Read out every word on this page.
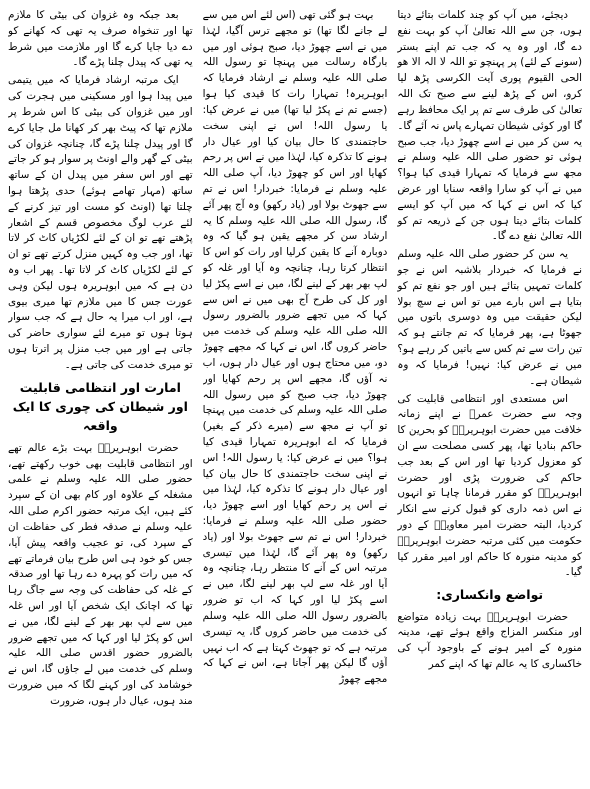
بعد جبکہ وہ غزوان کی بیٹی کا ملازم تھا اور تنخواہ صرف یہ تھی کہ کھانے کو دے دیا جایا کرے گا اور ملازمت میں شرط یہ تھی کہ پیدل چلنا پڑے گا۔

ایک مرتبہ ارشاد فرمایا کہ میں یتیمی میں پیدا ہوا اور مسکینی میں ہجرت کی اور میں غزوان کی بیٹی کا اس شرط پر ملازم تھا کہ پیٹ بھر کر کھانا مل جایا کرے گا اور پیدل چلنا پڑے گا، چنانچہ غزوان کی بیٹی کے گھر والے اونٹ پر سوار ہو کر جاتے تھے اور اس سفر میں پیدل ان کے ساتھ ساتھ (مہار تھامے ہوئے) حدی پڑھتا ہوا چلتا تھا (اونٹ کو مست اور تیز کرنے کے لئے عرب لوگ مخصوص قسم کے اشعار پڑھتے تھے تو ان کے لئے لکڑیاں کاٹ کر لاتا تھا، اور جب وہ کہیں منزل کرتے تھے تو ان کے لئے لکڑیاں کاٹ کر لاتا تھا۔ پھر اب وہ دن ہے کہ میں ابوہریرہ ہوں لیکن وہی عورت جس کا میں ملازم تھا میری بیوی ہے، اور اب میرا یہ حال ہے کہ جب سوار ہوتا ہوں تو میرے لئے سواری حاضر کی جاتی ہے اور میں جب منزل پر اترتا ہوں تو میری خدمت کی جاتی ہے۔

امارت اور انتظامی قابلیت اور شیطان کی چوری کا ایک واقعہ

حضرت ابوہریرہؓ بہت بڑے عالم تھے اور انتظامی قابلیت بھی خوب رکھتے تھے، حضور صلی اللہ علیہ وسلم نے علمی مشغلہ کے علاوہ اور کام بھی ان کے سپرد کئے ہیں، ایک مرتبہ حضور اکرم صلی اللہ علیہ وسلم نے صدقہ فطر کی حفاظت ان کے سپرد کی، تو عجیب واقعہ پیش آیا، جس کو خود ہی اس طرح بیان فرماتے تھے کہ میں رات کو پہرہ دے رہا تھا اور صدقہ کے غلہ کی حفاظت کی وجہ سے جاگ رہا تھا کہ اچانک ایک شخص آیا اور اس غلہ میں سے لپ بھر بھر کے لینے لگا، میں نے اس کو پکڑ لیا اور کہا کہ میں تجھے ضرور بالضرور حضور اقدس صلی اللہ علیہ وسلم کی خدمت میں لے جاؤں گا، اس نے خوشامد کی اور کہنے لگا کہ میں ضرورت مند ہوں، عیال دار ہوں، ضرورت

بہت ہو گئی تھی (اس لئے اس میں سے لے جانے لگا تھا) تو مجھے ترس آگیا، لہٰذا میں نے اسے چھوڑ دیا، صبح ہوئی اور میں بارگاہ رسالت میں پہنچا تو رسول اللہ صلی اللہ علیہ وسلم نے ارشاد فرمایا کہ ابوہریرہ! تمہارا رات کا قیدی کیا ہوا (جسے تم نے پکڑ لیا تھا) میں نے عرض کیا: یا رسول اللہ! اس نے اپنی سخت حاجتمندی کا حال بیان کیا اور عیال دار ہونے کا تذکرہ کیا، لہٰذا میں نے اس پر رحم کھایا اور اس کو چھوڑ دیا، آپ صلی اللہ علیہ وسلم نے فرمایا: خبردار! اس نے تم سے جھوٹ بولا اور (یاد رکھو) وہ آج پھر آئے گا، رسول اللہ صلی اللہ علیہ وسلم کا یہ ارشاد سن کر مجھے یقین ہو گیا کہ وہ دوبارہ آنے کا یقین کرلیا اور رات کو اس کا انتظار کرتا رہا، چنانچہ وہ آیا اور غلہ کو لپ بھر بھر کے لینے لگا، میں نے اسے پکڑ لیا اور کل کی طرح آج بھی میں نے اس سے کہا کہ میں تجھے ضرور بالضرور رسول اللہ صلی اللہ علیہ وسلم کی خدمت میں حاضر کروں گا، اس نے کہا کہ مجھے چھوڑ دو، میں محتاج ہوں اور عیال دار ہوں، اب نہ آؤں گا، مجھے اس پر رحم کھایا اور چھوڑ دیا، جب صبح کو میں رسول اللہ صلی اللہ علیہ وسلم کی خدمت میں پہنچا تو آپ نے مجھ سے (میرے ذکر کے بغیر) فرمایا کہ اے ابوہریرہ تمہارا قیدی کیا ہوا؟ میں نے عرض کیا: یا رسول اللہ! اس نے اپنی سخت حاجتمندی کا حال بیان کیا اور عیال دار ہونے کا تذکرہ کیا، لہٰذا میں نے اس پر رحم کھایا اور اسے چھوڑ دیا، حضور صلی اللہ علیہ وسلم نے فرمایا: خبردار! اس نے تم سے جھوٹ بولا اور (یاد رکھو) وہ پھر آئے گا، لہٰذا میں تیسری مرتبہ اس کے آنے کا منتظر رہا، چنانچہ وہ آیا اور غلہ سے لپ بھر لینے لگا، میں نے اسے پکڑ لیا اور کہا کہ اب تو ضرور بالضرور رسول اللہ صلی اللہ علیہ وسلم کی خدمت میں حاضر کروں گا، یہ تیسری مرتبہ ہے کہ تو جھوٹ کہتا ہے کہ اب نہیں آؤں گا لیکن پھر آجاتا ہے، اس نے کہا کہ مجھے چھوڑ

دیجئے، میں آپ کو چند کلمات بتائے دیتا ہوں، جن سے اللہ تعالیٰ آپ کو بہت نفع دے گا، اور وہ یہ کہ جب تم اپنے بستر (سونے کے لئے) پر پہنچو تو اللہ لا الہ الا ھو الحی القیوم پوری آیت الکرسی پڑھ لیا کرو، اس کے پڑھ لینے سے صبح تک اللہ تعالیٰ کی طرف سے تم پر ایک محافظ رہے گا اور کوئی شیطان تمہارے پاس نہ آئے گا۔ یہ سن کر میں نے اسے چھوڑ دیا، جب صبح ہوئی تو حضور صلی اللہ علیہ وسلم نے مجھ سے فرمایا کہ تمہارا قیدی کیا ہوا؟ میں نے آپ کو سارا واقعہ سنایا اور عرض کیا کہ اس نے کہا کہ میں آپ کو ایسے کلمات بتائے دیتا ہوں جن کے ذریعہ تم کو اللہ تعالیٰ نفع دے گا۔

یہ سن کر حضور صلی اللہ علیہ وسلم نے فرمایا کہ خبردار بلاشبہ اس نے جو کلمات تمہیں بتائے ہیں اور جو نفع تم کو بتایا ہے اس بارے میں تو اس نے سچ بولا لیکن حقیقت میں وہ دوسری باتوں میں جھوٹا ہے، پھر فرمایا کہ تم جانتے ہو کہ تین رات سے تم کس سے باتیں کر رہے ہو؟ میں نے عرض کیا: نہیں! فرمایا کہ وہ شیطان ہے۔

اس مستعدی اور انتظامی قابلیت کی وجہ سے حضرت عمرؓ نے اپنے زمانہ خلافت میں حضرت ابوہریرہؓ کو بحرین کا حاکم بنادیا تھا، پھر کسی مصلحت سے ان کو معزول کردیا تھا اور اس کے بعد جب حاکم کی ضرورت پڑی اور حضرت ابوہریرہؓ کو مقرر فرمانا چاہا تو انہوں نے اس ذمہ داری کو قبول کرنے سے انکار کردیا، البتہ حضرت امیر معاویہؓ کے دور حکومت میں کئی مرتبہ حضرت ابوہریرہؓ کو مدینہ منورہ کا حاکم اور امیر مقرر کیا گیا۔

تواضع وانکساری:

حضرت ابوہریرہؓ بہت زیادہ متواضع اور منکسر المزاج واقع ہوئے تھے، مدینہ منورہ کے امیر ہونے کے باوجود آپ کی خاکساری کا یہ عالم تھا کہ اپنے کمر
